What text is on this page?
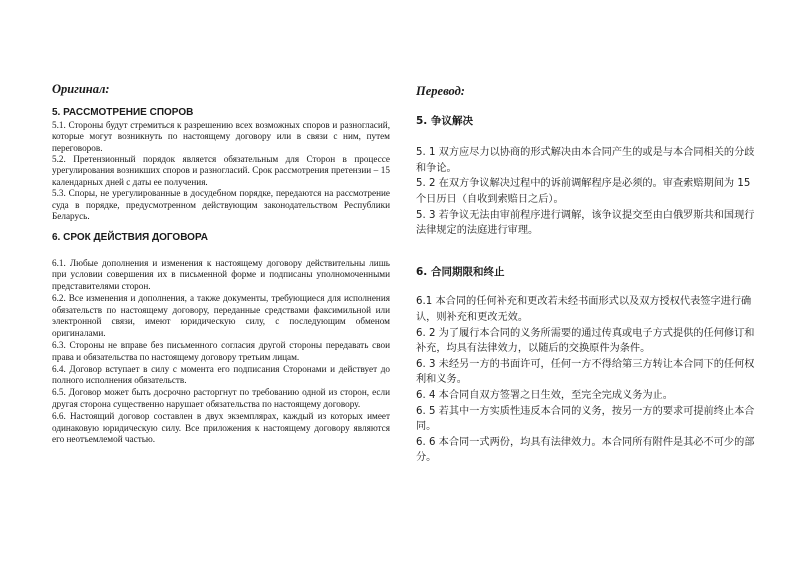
Оригинал:
5. РАССМОТРЕНИЕ СПОРОВ

5.1. Стороны будут стремиться к разрешению всех возможных споров и разногласий, которые могут возникнуть по настоящему договору или в связи с ним, путем переговоров.

5.2. Претензионный порядок является обязательным для Сторон в процессе урегулирования возникших споров и разногласий. Срок рассмотрения претензии – 15 календарных дней с даты ее получения.

5.3. Споры, не урегулированные в досудебном порядке, передаются на рассмотрение суда в порядке, предусмотренном действующим законодательством Республики Беларусь.

6. СРОК ДЕЙСТВИЯ ДОГОВОРА

6.1. Любые дополнения и изменения к настоящему договору действительны лишь при условии совершения их в письменной форме и подписаны уполномоченными представителями сторон.

6.2. Все изменения и дополнения, а также документы, требующиеся для исполнения обязательств по настоящему договору, переданные средствами факсимильной или электронной связи, имеют юридическую силу, с последующим обменом оригиналами.

6.3. Стороны не вправе без письменного согласия другой стороны передавать свои права и обязательства по настоящему договору третьим лицам.

6.4. Договор вступает в силу с момента его подписания Сторонами и действует до полного исполнения обязательств.

6.5. Договор может быть досрочно расторгнут по требованию одной из сторон, если другая сторона существенно нарушает обязательства по настоящему договору.

6.6. Настоящий договор составлен в двух экземплярах, каждый из которых имеет одинаковую юридическую силу. Все приложения к настоящему договору являются его неотъемлемой частью.

Перевод:
5. 争议解决

5. 1 双方应尽力以协商的形式解决由本合同产生的或是与本合同相关的分歧和争论。

5. 2 在双方争议解决过程中的诉前调解程序是必须的。审查索赔期间为 15 个日历日（自收到索赔日之后）。

5. 3 若争议无法由审前程序进行调解，该争议提交至由白俄罗斯共和国现行法律规定的法庭进行审理。

6. 合同期限和终止

6.1 本合同的任何补充和更改若未经书面形式以及双方授权代表签字进行确认，则补充和更改无效。

6. 2 为了履行本合同的义务所需要的通过传真或电子方式提供的任何修订和补充，均具有法律效力，以随后的交换原件为条件。

6. 3 未经另一方的书面许可，任何一方不得给第三方转让本合同下的任何权利和义务。

6. 4 本合同自双方签署之日生效，至完全完成义务为止。

6. 5 若其中一方实质性违反本合同的义务，按另一方的要求可提前终止本合同。

6. 6 本合同一式两份，均具有法律效力。本合同所有附件是其必不可少的部分。
